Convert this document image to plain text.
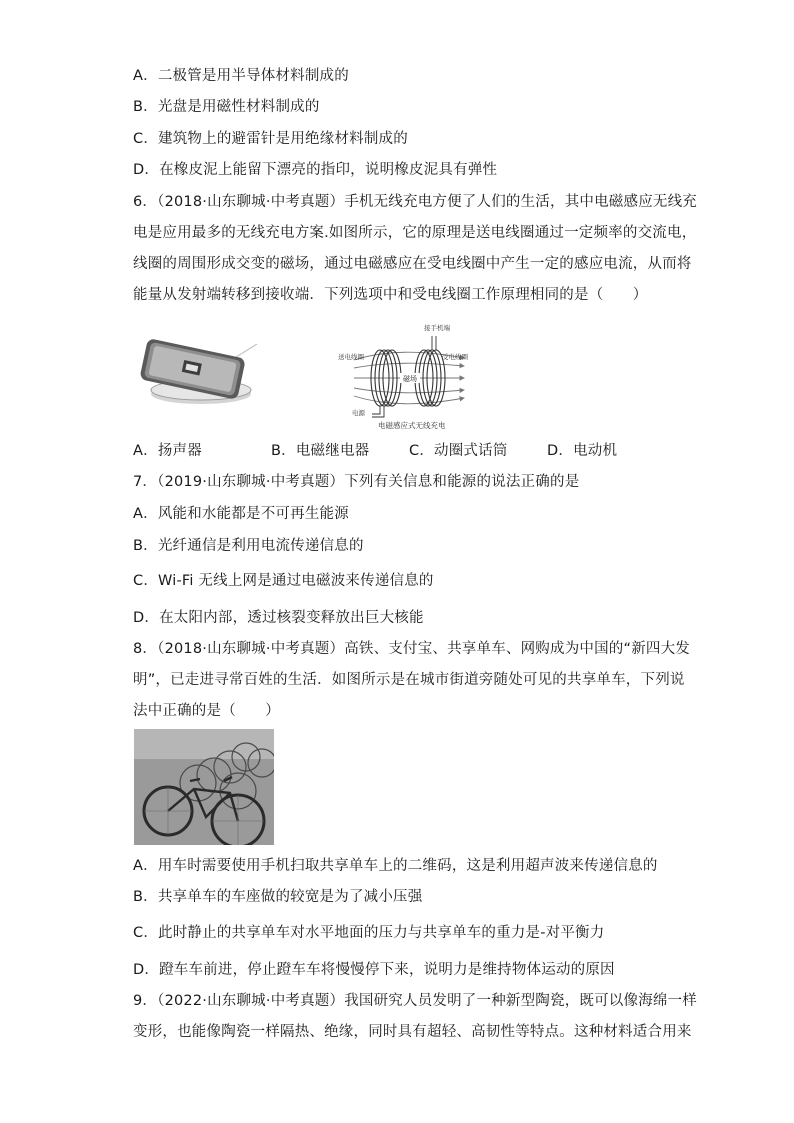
A．二极管是用半导体材料制成的
B．光盘是用磁性材料制成的
C．建筑物上的避雷针是用绝缘材料制成的
D．在橡皮泥上能留下漂亮的指印，说明橡皮泥具有弹性
6．（2018·山东聊城·中考真题）手机无线充电方便了人们的生活，其中电磁感应无线充
电是应用最多的无线充电方案.如图所示，它的原理是送电线圈通过一定频率的交流电，
线圈的周围形成交变的磁场，通过电磁感应在受电线圈中产生一定的感应电流，从而将
能量从发射端转移到接收端．下列选项中和受电线圈工作原理相同的是（　　）
磁场
接手机端
送电线圈	受电线圈
电源
电磁感应式无线充电
A．扬声器	B．电磁继电器	C．动圈式话筒	D．电动机
7．（2019·山东聊城·中考真题）下列有关信息和能源的说法正确的是
A．风能和水能都是不可再生能源
B．光纤通信是利用电流传递信息的
C．Wi-Fi 无线上网是通过电磁波来传递信息的
D．在太阳内部，透过核裂变释放出巨大核能
8．（2018·山东聊城·中考真题）高铁、支付宝、共享单车、网购成为中国的“新四大发
明”，已走进寻常百姓的生活．如图所示是在城市街道旁随处可见的共享单车，下列说
法中正确的是（　　）
A．用车时需要使用手机扫取共享单车上的二维码，这是利用超声波来传递信息的
B．共享单车的车座做的较宽是为了减小压强
C．此时静止的共享单车对水平地面的压力与共享单车的重力是-对平衡力
D．蹬车车前进，停止蹬车车将慢慢停下来，说明力是维持物体运动的原因
9．（2022·山东聊城·中考真题）我国研究人员发明了一种新型陶瓷，既可以像海绵一样
变形，也能像陶瓷一样隔热、绝缘，同时具有超轻、高韧性等特点。这种材料适合用来
